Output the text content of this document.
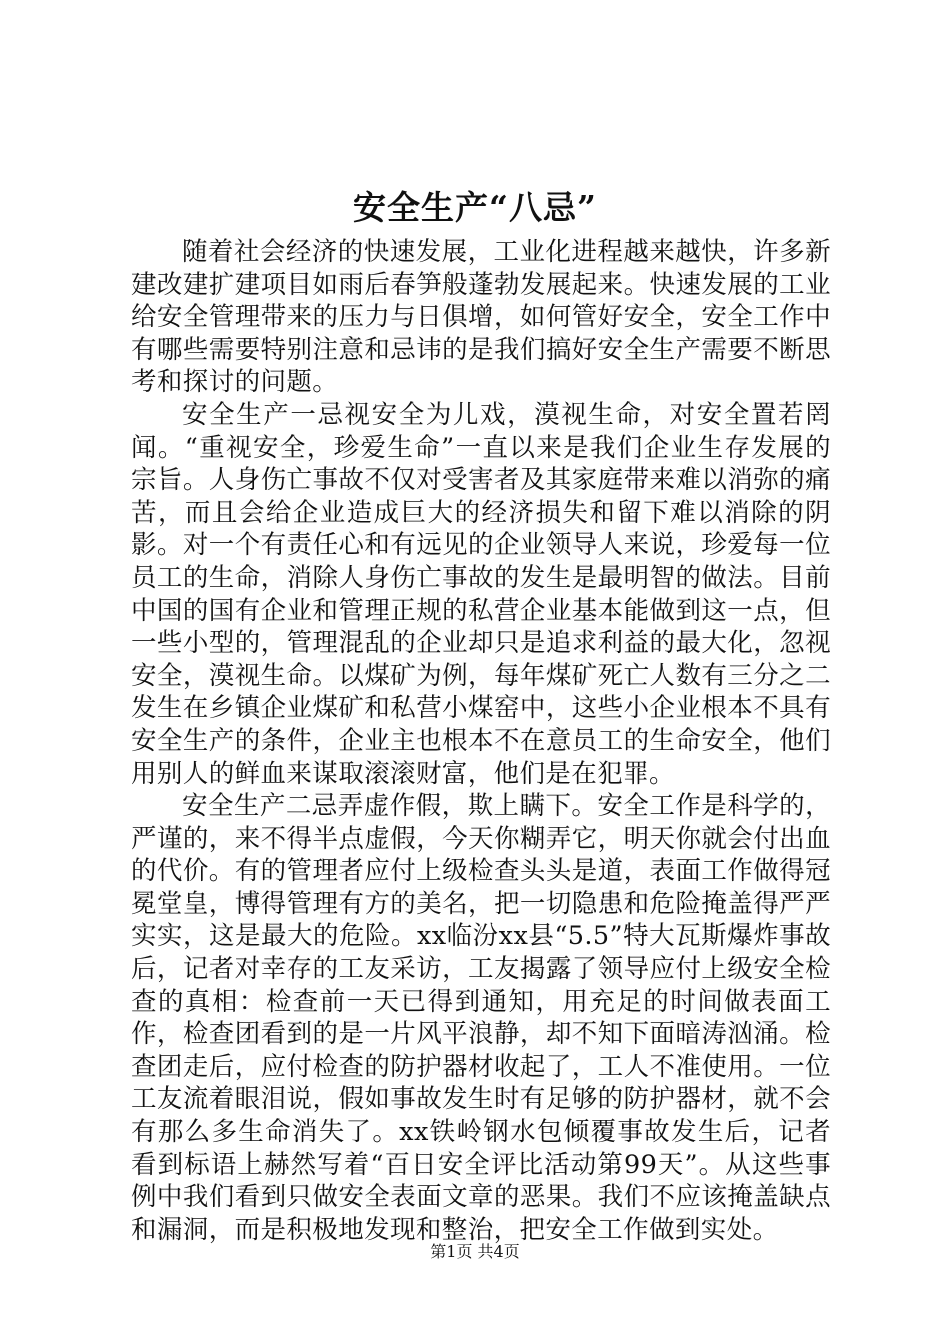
安全生产“八忌”

随着社会经济的快速发展，工业化进程越来越快，许多新建改建扩建项目如雨后春笋般蓬勃发展起来。快速发展的工业给安全管理带来的压力与日俱增，如何管好安全，安全工作中有哪些需要特别注意和忌讳的是我们搞好安全生产需要不断思考和探讨的问题。

安全生产一忌视安全为儿戏，漠视生命，对安全置若罔闻。“重视安全，珍爱生命”一直以来是我们企业生存发展的宗旨。人身伤亡事故不仅对受害者及其家庭带来难以消弥的痛苦，而且会给企业造成巨大的经济损失和留下难以消除的阴影。对一个有责任心和有远见的企业领导人来说，珍爱每一位员工的生命，消除人身伤亡事故的发生是最明智的做法。目前中国的国有企业和管理正规的私营企业基本能做到这一点，但一些小型的，管理混乱的企业却只是追求利益的最大化，忽视安全，漠视生命。以煤矿为例，每年煤矿死亡人数有三分之二发生在乡镇企业煤矿和私营小煤窑中，这些小企业根本不具有安全生产的条件，企业主也根本不在意员工的生命安全，他们用别人的鲜血来谋取滚滚财富，他们是在犯罪。

安全生产二忌弄虚作假，欺上瞒下。安全工作是科学的，严谨的，来不得半点虚假，今天你糊弄它，明天你就会付出血的代价。有的管理者应付上级检查头头是道，表面工作做得冠冕堂皇，博得管理有方的美名，把一切隐患和危险掩盖得严严实实，这是最大的危险。xx临汾xx县“5.5”特大瓦斯爆炸事故后，记者对幸存的工友采访，工友揭露了领导应付上级安全检查的真相：检查前一天已得到通知，用充足的时间做表面工作，检查团看到的是一片风平浪静，却不知下面暗涛汹涌。检查团走后，应付检查的防护器材收起了，工人不准使用。一位工友流着眼泪说，假如事故发生时有足够的防护器材，就不会有那么多生命消失了。xx铁岭钢水包倾覆事故发生后，记者看到标语上赫然写着“百日安全评比活动第99天”。从这些事例中我们看到只做安全表面文章的恶果。我们不应该掩盖缺点和漏洞，而是积极地发现和整治，把安全工作做到实处。

第1页 共4页
